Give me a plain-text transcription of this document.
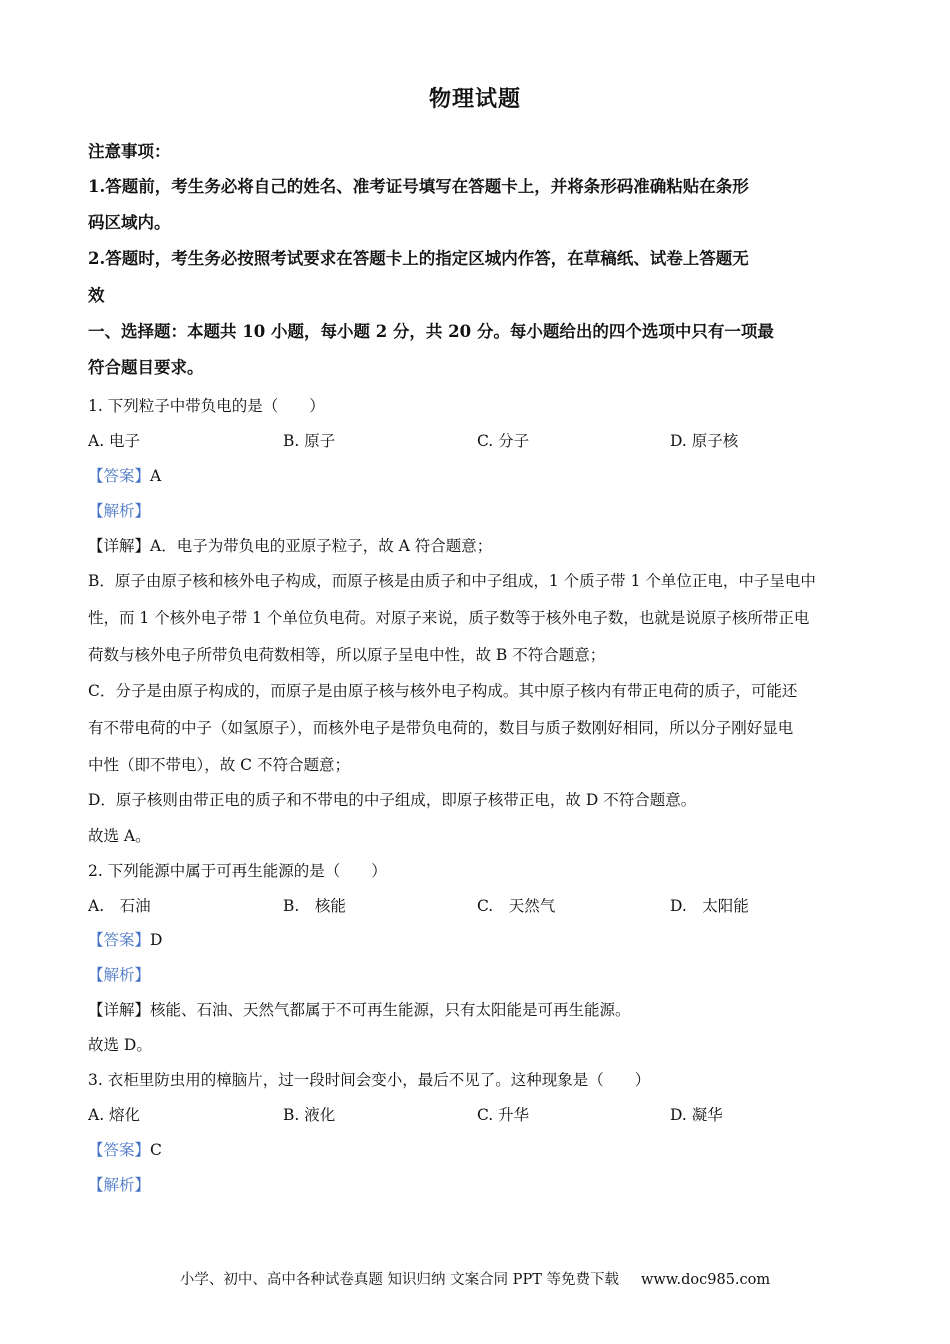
物理试题
注意事项：
1.答题前，考生务必将自己的姓名、准考证号填写在答题卡上，并将条形码准确粘贴在条形
码区域内。
2.答题时，考生务必按照考试要求在答题卡上的指定区城内作答，在草稿纸、试卷上答题无
效
一、选择题：本题共 10 小题，每小题 2 分，共 20 分。每小题给出的四个选项中只有一项最
符合题目要求。
1. 下列粒子中带负电的是（　　）
A. 电子	B. 原子	C. 分子	D. 原子核
【答案】A
【解析】
【详解】A．电子为带负电的亚原子粒子，故 A 符合题意；
B．原子由原子核和核外电子构成，而原子核是由质子和中子组成，1 个质子带 1 个单位正电，中子呈电中
性，而 1 个核外电子带 1 个单位负电荷。对原子来说，质子数等于核外电子数，也就是说原子核所带正电
荷数与核外电子所带负电荷数相等，所以原子呈电中性，故 B 不符合题意；
C．分子是由原子构成的，而原子是由原子核与核外电子构成。其中原子核内有带正电荷的质子，可能还
有不带电荷的中子（如氢原子），而核外电子是带负电荷的，数目与质子数刚好相同，所以分子刚好显电
中性（即不带电），故 C 不符合题意；
D．原子核则由带正电的质子和不带电的中子组成，即原子核带正电，故 D 不符合题意。
故选 A。
2. 下列能源中属于可再生能源的是（　　）
A.　石油	B.　核能	C.　天然气	D.　太阳能
【答案】D
【解析】
【详解】核能、石油、天然气都属于不可再生能源，只有太阳能是可再生能源。
故选 D。
3. 衣柜里防虫用的樟脑片，过一段时间会变小，最后不见了。这种现象是（　　）
A. 熔化	B. 液化	C. 升华	D. 凝华
【答案】C
【解析】
小学、初中、高中各种试卷真题 知识归纳 文案合同 PPT 等免费下载 www.doc985.com
